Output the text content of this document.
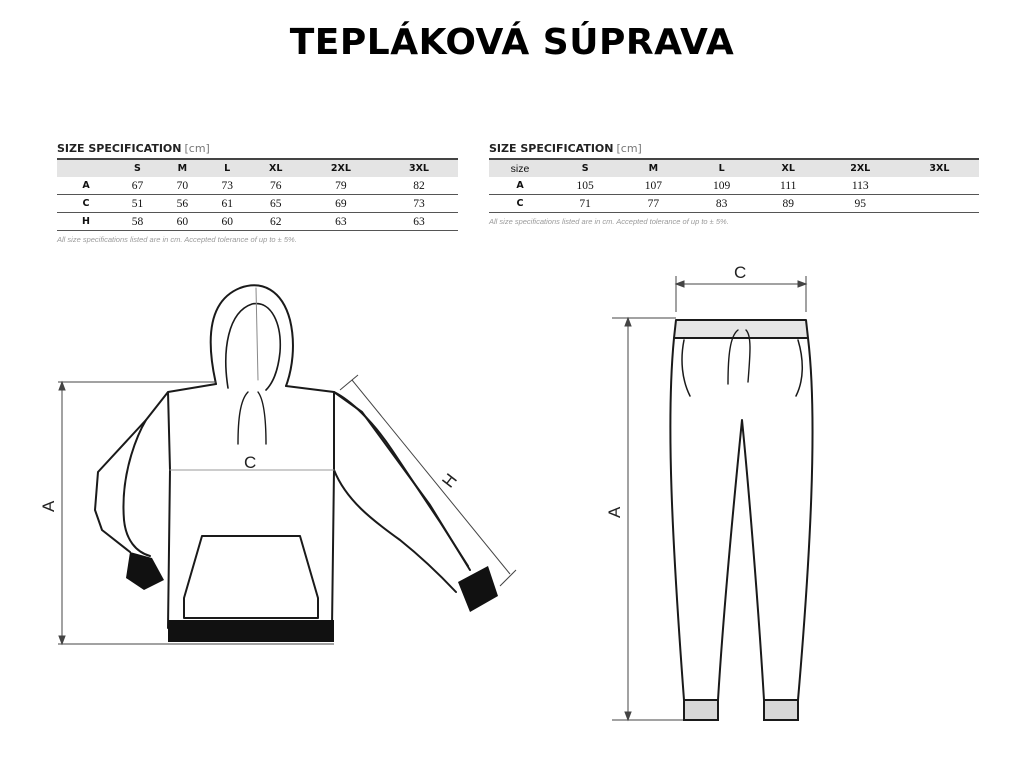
TEPLÁKOVÁ SÚPRAVA
SIZE SPECIFICATION [cm]
	S	M	L	XL	2XL	3XL
A	67	70	73	76	79	82
C	51	56	61	65	69	73
H	58	60	60	62	63	63
All size specifications listed are in cm. Accepted tolerance of up to ± 5%.
SIZE SPECIFICATION [cm]
size	S	M	L	XL	2XL	3XL
A	105	107	109	111	113	
C	71	77	83	89	95	
All size specifications listed are in cm. Accepted tolerance of up to ± 5%.
A
C
H
C
A
